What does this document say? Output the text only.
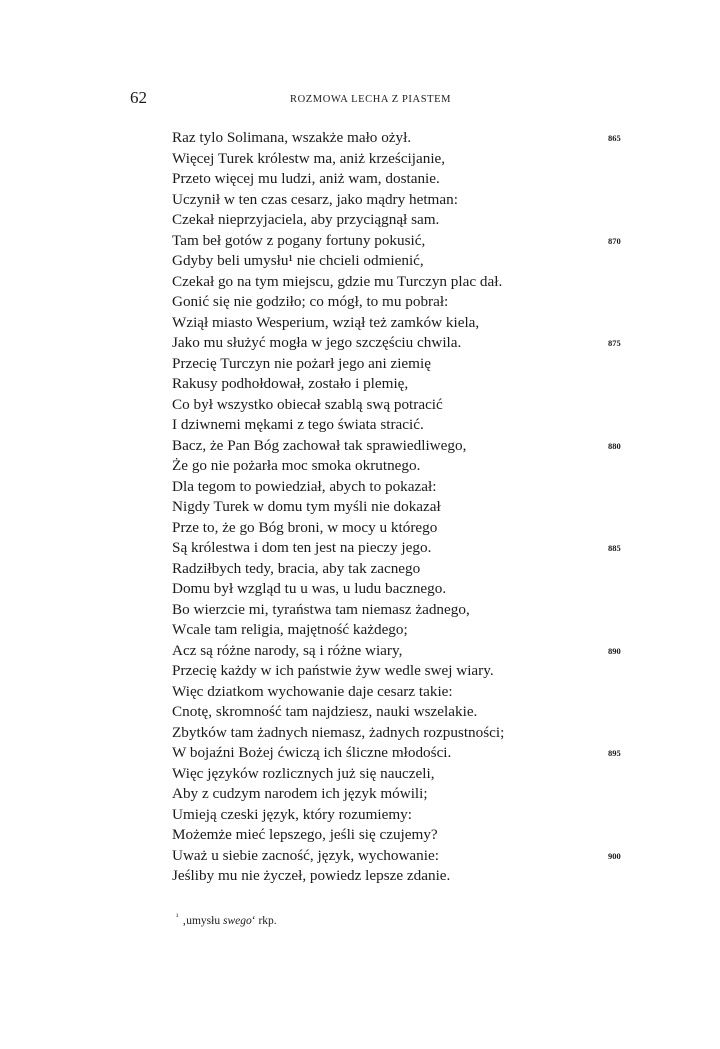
62	ROZMOWA LECHA Z PIASTEM
Raz tylo Solimana, wszakże mało ożył.	865
Więcej Turek królestw ma, aniż krześcijanie,
Przeto więcej mu ludzi, aniż wam, dostanie.
Uczynił w ten czas cesarz, jako mądry hetman:
Czekał nieprzyjaciela, aby przyciągnął sam.
Tam beł gotów z pogany fortuny pokusić,	870
Gdyby beli umysłu¹ nie chcieli odmienić,
Czekał go na tym miejscu, gdzie mu Turczyn plac dał.
Gonić się nie godziło; co mógł, to mu pobrał:
Wziął miasto Wesperium, wziął też zamków kiela,
Jako mu służyć mogła w jego szczęściu chwila.	875
Przecię Turczyn nie pożarł jego ani ziemię
Rakusy podhołdował, zostało i plemię,
Co był wszystko obiecał szablą swą potracić
I dziwnemi mękami z tego świata stracić.
Bacz, że Pan Bóg zachował tak sprawiedliwego,	880
Że go nie pożarła moc smoka okrutnego.
Dla tegom to powiedział, abych to pokazał:
Nigdy Turek w domu tym myśli nie dokazał
Prze to, że go Bóg broni, w mocy u którego
Są królestwa i dom ten jest na pieczy jego.	885
Radziłbych tedy, bracia, aby tak zacnego
Domu był wzgląd tu u was, u ludu bacznego.
Bo wierzcie mi, tyraństwa tam niemasz żadnego,
Wcale tam religia, majętność każdego;
Acz są różne narody, są i różne wiary,	890
Przecię każdy w ich państwie żyw wedle swej wiary.
Więc dziatkom wychowanie daje cesarz takie:
Cnotę, skromność tam najdziesz, nauki wszelakie.
Zbytków tam żadnych niemasz, żadnych rozpustności;
W bojaźni Bożej ćwiczą ich śliczne młodości.	895
Więc języków rozlicznych już się nauczeli,
Aby z cudzym narodem ich język mówili;
Umieją czeski język, który rozumiemy:
Możemże mieć lepszego, jeśli się czujemy?
Uważ u siebie zacność, język, wychowanie:	900
Jeśliby mu nie życzeł, powiedz lepsze zdanie.
$^{^1}$ ‚umysłu swego‘ rkp.
